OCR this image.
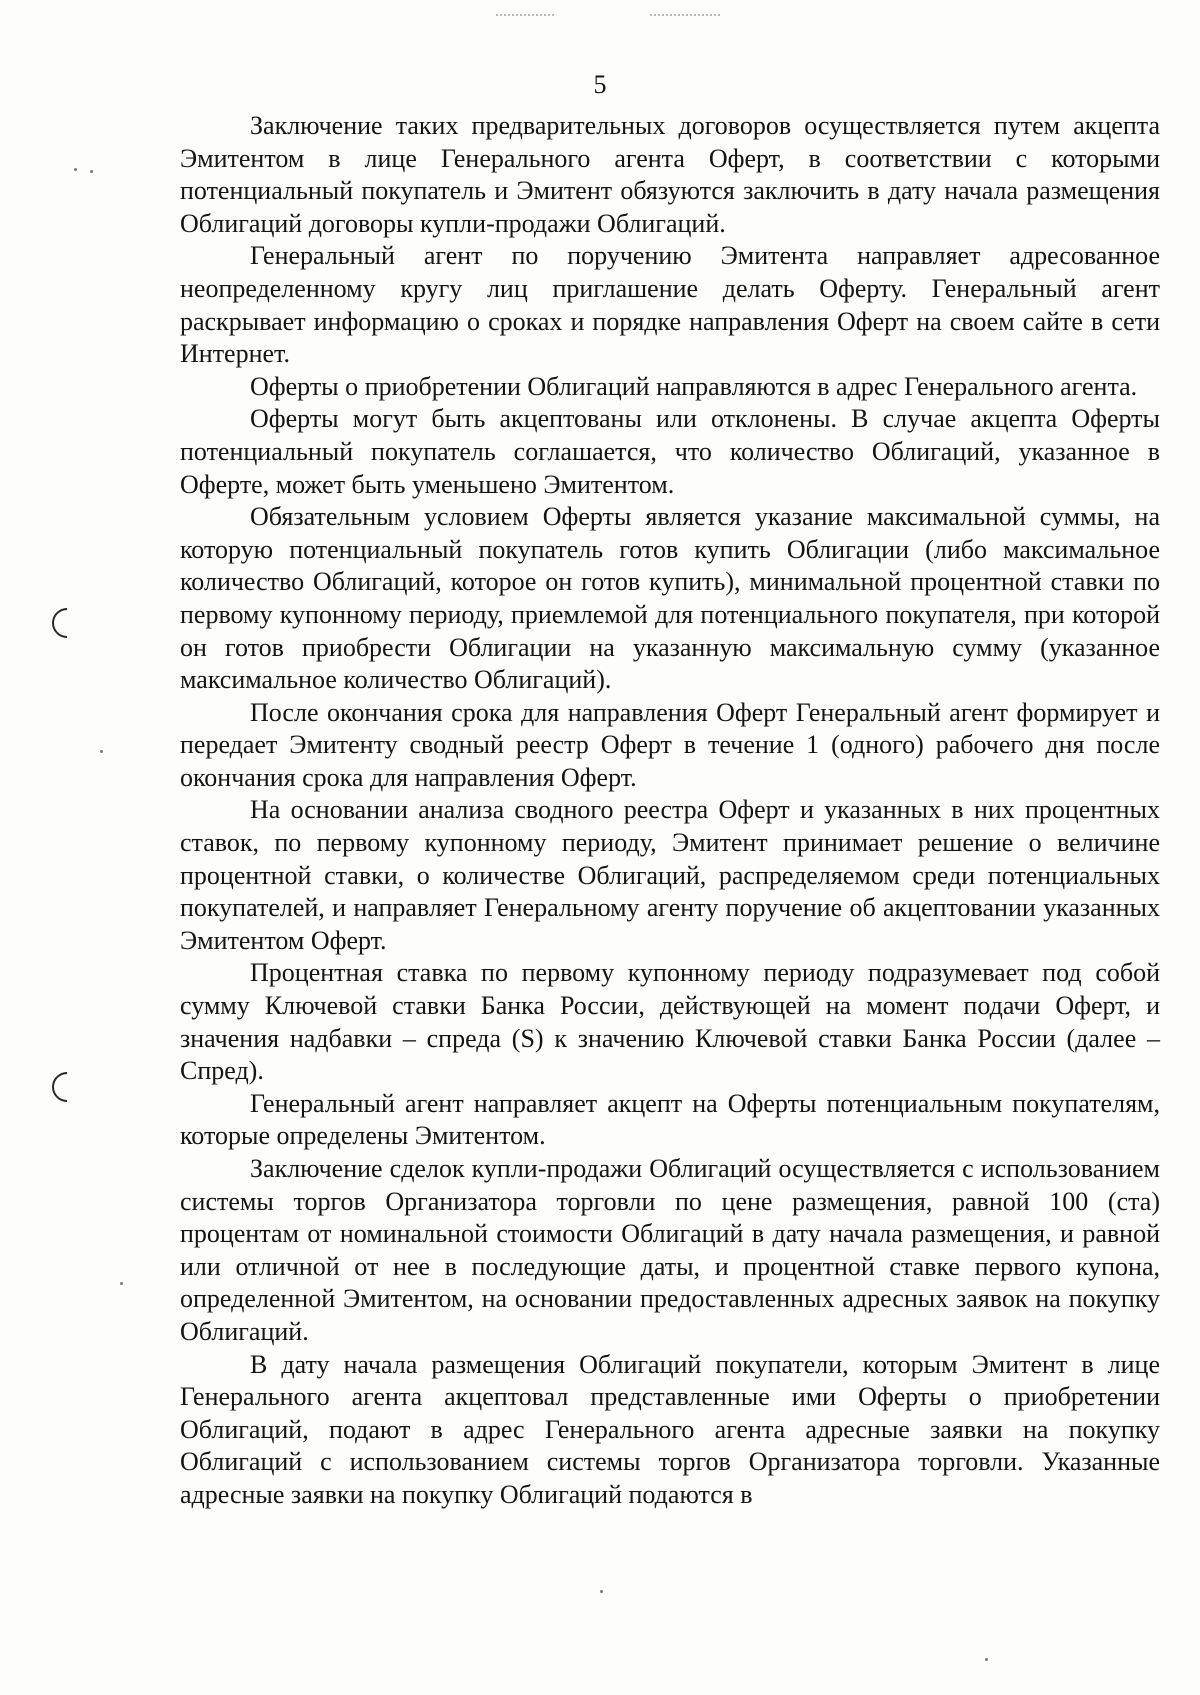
5

Заключение таких предварительных договоров осуществляется путем акцепта Эмитентом в лице Генерального агента Оферт, в соответствии с которыми потенциальный покупатель и Эмитент обязуются заключить в дату начала размещения Облигаций договоры купли-продажи Облигаций.

Генеральный агент по поручению Эмитента направляет адресованное неопределенному кругу лиц приглашение делать Оферту. Генеральный агент раскрывает информацию о сроках и порядке направления Оферт на своем сайте в сети Интернет.

Оферты о приобретении Облигаций направляются в адрес Генерального агента.

Оферты могут быть акцептованы или отклонены. В случае акцепта Оферты потенциальный покупатель соглашается, что количество Облигаций, указанное в Оферте, может быть уменьшено Эмитентом.

Обязательным условием Оферты является указание максимальной суммы, на которую потенциальный покупатель готов купить Облигации (либо максимальное количество Облигаций, которое он готов купить), минимальной процентной ставки по первому купонному периоду, приемлемой для потенциального покупателя, при которой он готов приобрести Облигации на указанную максимальную сумму (указанное максимальное количество Облигаций).

После окончания срока для направления Оферт Генеральный агент формирует и передает Эмитенту сводный реестр Оферт в течение 1 (одного) рабочего дня после окончания срока для направления Оферт.

На основании анализа сводного реестра Оферт и указанных в них процентных ставок, по первому купонному периоду, Эмитент принимает решение о величине процентной ставки, о количестве Облигаций, распределяемом среди потенциальных покупателей, и направляет Генеральному агенту поручение об акцептовании указанных Эмитентом Оферт.

Процентная ставка по первому купонному периоду подразумевает под собой сумму Ключевой ставки Банка России, действующей на момент подачи Оферт, и значения надбавки – спреда (S) к значению Ключевой ставки Банка России (далее – Спред).

Генеральный агент направляет акцепт на Оферты потенциальным покупателям, которые определены Эмитентом.

Заключение сделок купли-продажи Облигаций осуществляется с использованием системы торгов Организатора торговли по цене размещения, равной 100 (ста) процентам от номинальной стоимости Облигаций в дату начала размещения, и равной или отличной от нее в последующие даты, и процентной ставке первого купона, определенной Эмитентом, на основании предоставленных адресных заявок на покупку Облигаций.

В дату начала размещения Облигаций покупатели, которым Эмитент в лице Генерального агента акцептовал представленные ими Оферты о приобретении Облигаций, подают в адрес Генерального агента адресные заявки на покупку Облигаций с использованием системы торгов Организатора торговли. Указанные адресные заявки на покупку Облигаций подаются в
